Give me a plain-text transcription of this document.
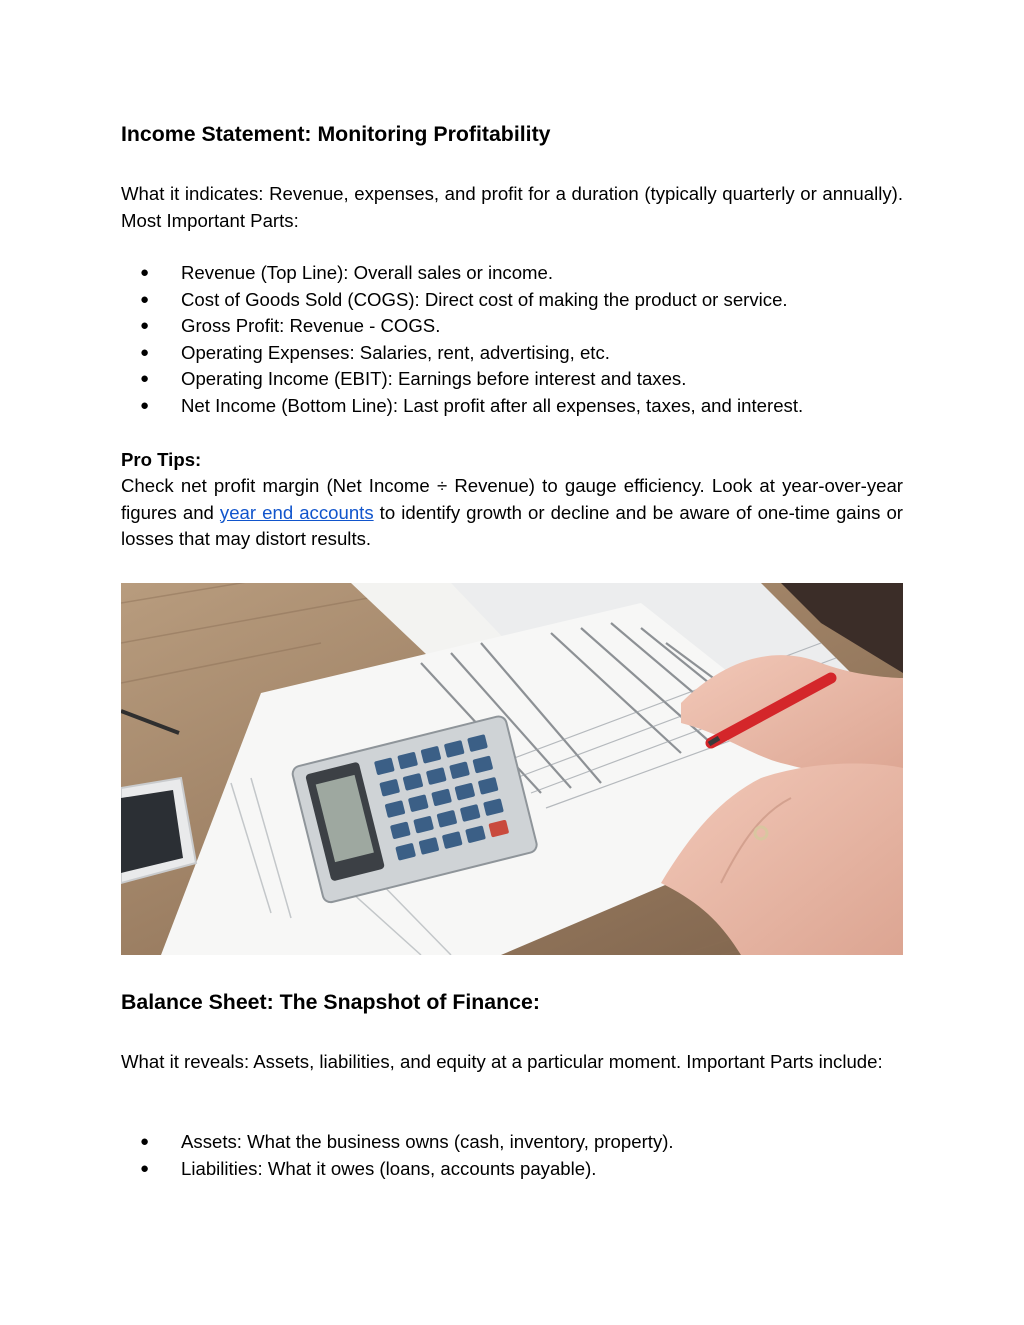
Income Statement: Monitoring Profitability

What it indicates: Revenue, expenses, and profit for a duration (typically quarterly or annually). Most Important Parts:

● Revenue (Top Line): Overall sales or income.
● Cost of Goods Sold (COGS): Direct cost of making the product or service.
● Gross Profit: Revenue - COGS.
● Operating Expenses: Salaries, rent, advertising, etc.
● Operating Income (EBIT): Earnings before interest and taxes.
● Net Income (Bottom Line): Last profit after all expenses, taxes, and interest.

Pro Tips:

Check net profit margin (Net Income ÷ Revenue) to gauge efficiency. Look at year-over-year figures and year end accounts to identify growth or decline and be aware of one-time gains or losses that may distort results.

Balance Sheet: The Snapshot of Finance:

What it reveals: Assets, liabilities, and equity at a particular moment. Important Parts include:

● Assets: What the business owns (cash, inventory, property).
● Liabilities: What it owes (loans, accounts payable).
